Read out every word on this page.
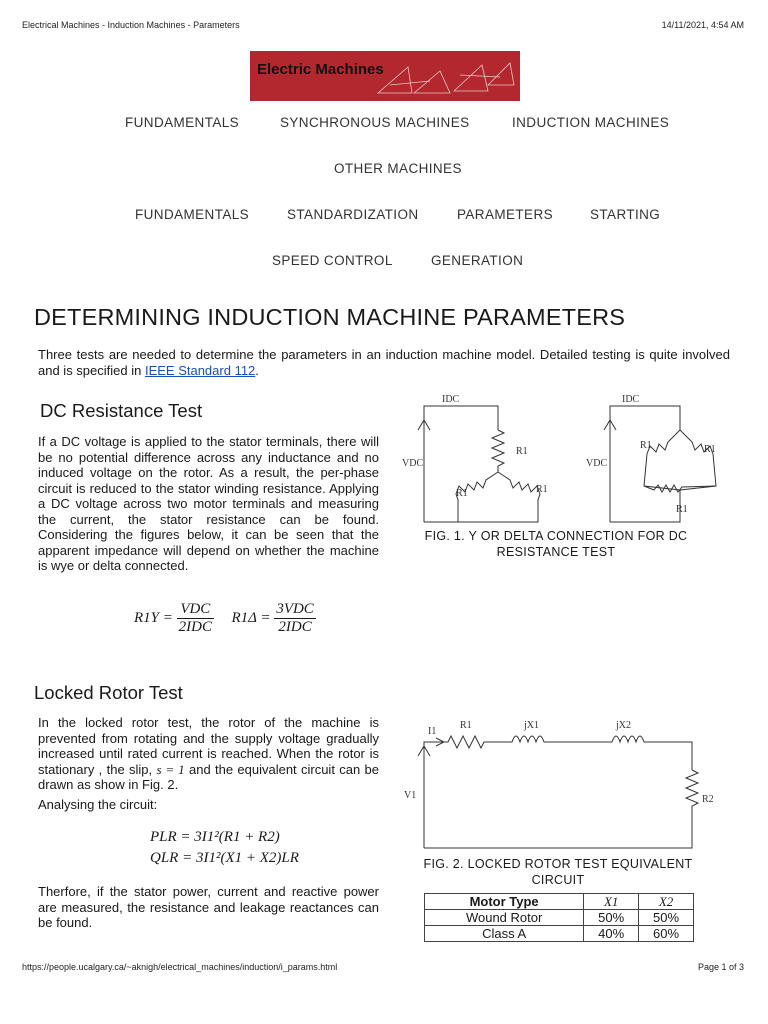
Electrical Machines - Induction Machines - Parameters	14/11/2021, 4:54 AM
Electric Machines
FUNDAMENTALS	SYNCHRONOUS MACHINES	INDUCTION MACHINES
OTHER MACHINES
FUNDAMENTALS	STANDARDIZATION	PARAMETERS	STARTING
SPEED CONTROL	GENERATION
DETERMINING INDUCTION MACHINE PARAMETERS
Three tests are needed to determine the parameters in an induction machine model. Detailed testing is quite involved and is specified in IEEE Standard 112.
DC Resistance Test
If a DC voltage is applied to the stator terminals, there will be no potential difference across any inductance and no induced voltage on the rotor. As a result, the per-phase circuit is reduced to the stator winding resistance. Applying a DC voltage across two motor terminals and measuring the current, the stator resistance can be found. Considering the figures below, it can be seen that the apparent impedance will depend on whether the machine is wye or delta connected.
$R1Y = \frac{\text{VDC}}{\text{2IDC}} R1\Delta = \frac{\text{3VDC}}{\text{2IDC}}$
IDC
VDC
R1
R1	R1
IDC
VDC
R1	R1
R1
FIG. 1. Y OR DELTA CONNECTION FOR DC RESISTANCE TEST
Locked Rotor Test
In the locked rotor test, the rotor of the machine is prevented from rotating and the supply voltage gradually increased until rated current is reached. When the rotor is stationary , the slip, s = 1 and the equivalent circuit can be drawn as show in Fig. 2.
Analysing the circuit:
PLR = 3I1²(R1 + R2)
QLR = 3I1²(X1 + X2)LR
Therfore, if the stator power, current and reactive power are measured, the resistance and leakage reactances can be found.
I1
R1	jX1	jX2
V1	R2
FIG. 2. LOCKED ROTOR TEST EQUIVALENT CIRCUIT
Motor Type	X1	X2
Wound Rotor	50%	50%
Class A	40%	60%
https://people.ucalgary.ca/~aknigh/electrical_machines/induction/i_params.html	Page 1 of 3
